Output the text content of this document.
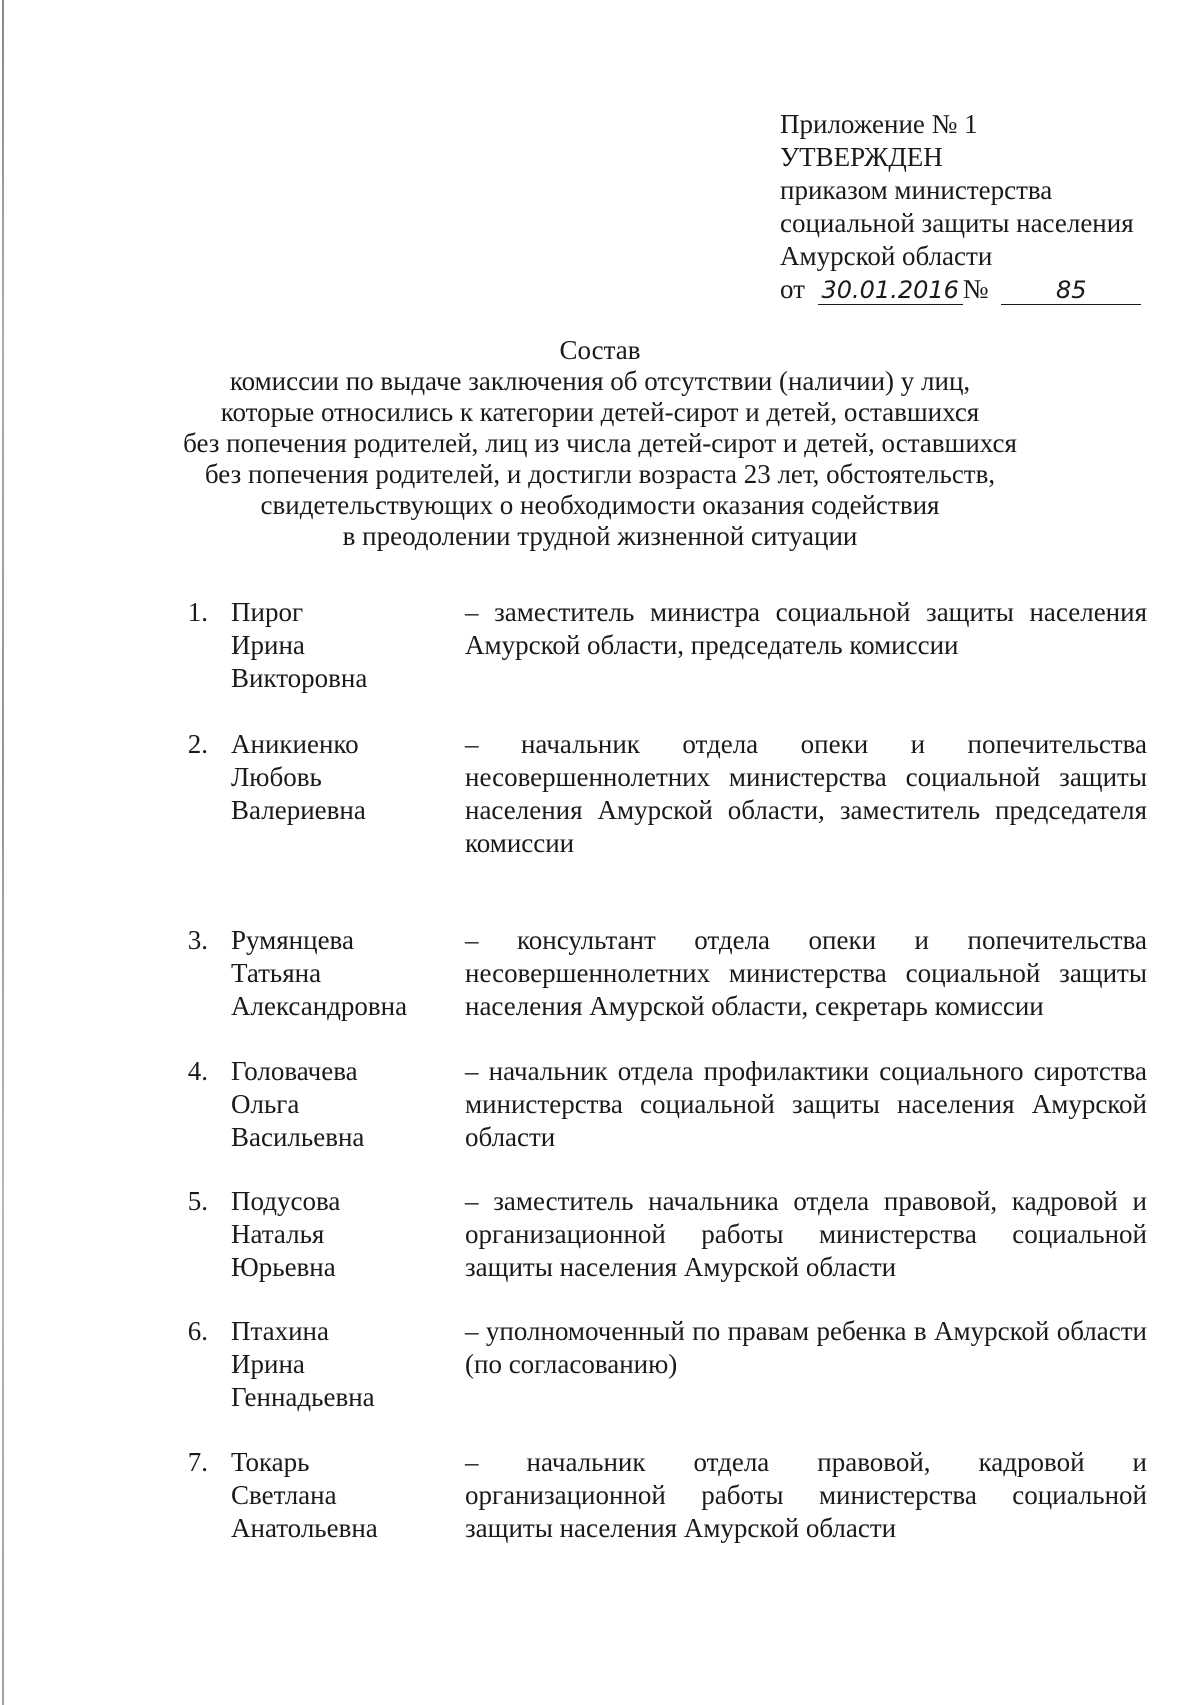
Приложение № 1
УТВЕРЖДЕН
приказом министерства
социальной защиты населения
Амурской области
от 30.01.2016 №	85
Состав
комиссии по выдаче заключения об отсутствии (наличии) у лиц,
которые относились к категории детей-сирот и детей, оставшихся
без попечения родителей, лиц из числа детей-сирот и детей, оставшихся
без попечения родителей, и достигли возраста 23 лет, обстоятельств,
свидетельствующих о необходимости оказания содействия
в преодолении трудной жизненной ситуации
1. Пирог
Ирина
Викторовна
– заместитель министра социальной защиты населения Амурской области, председатель комиссии
2. Аникиенко
Любовь
Валериевна
– начальник отдела опеки и попечительства несовершеннолетних министерства социальной защиты населения Амурской области, заместитель председателя комиссии
3. Румянцева
Татьяна
Александровна
– консультант отдела опеки и попечительства несовершеннолетних министерства социальной защиты населения Амурской области, секретарь комиссии
4. Головачева
Ольга
Васильевна
– начальник отдела профилактики социального сиротства министерства социальной защиты населения Амурской области
5. Подусова
Наталья
Юрьевна
– заместитель начальника отдела правовой, кадровой и организационной работы министерства социальной защиты населения Амурской области
6. Птахина
Ирина
Геннадьевна
– уполномоченный по правам ребенка в Амурской области (по согласованию)
7. Токарь
Светлана
Анатольевна
– начальник отдела правовой, кадровой и организационной работы министерства социальной защиты населения Амурской области
